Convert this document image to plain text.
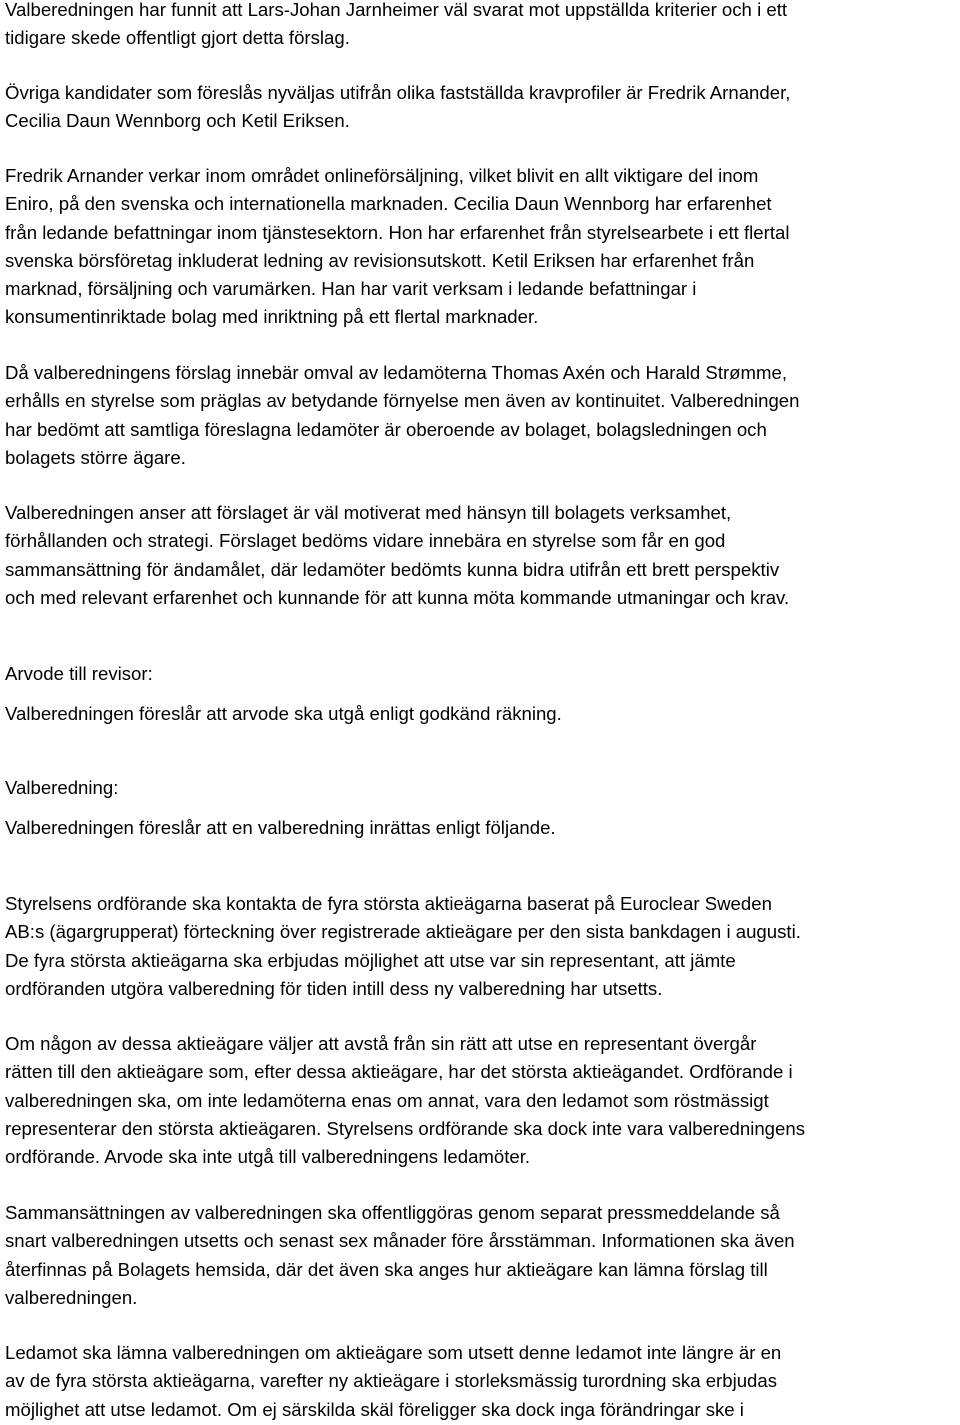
Valberedningen har funnit att Lars-Johan Jarnheimer väl svarat mot uppställda kriterier och i ett
tidigare skede offentligt gjort detta förslag.

Övriga kandidater som föreslås nyväljas utifrån olika fastställda kravprofiler är Fredrik Arnander,
Cecilia Daun Wennborg och Ketil Eriksen.

Fredrik Arnander verkar inom området onlineförsäljning, vilket blivit en allt viktigare del inom
Eniro, på den svenska och internationella marknaden. Cecilia Daun Wennborg har erfarenhet
från ledande befattningar inom tjänstesektorn. Hon har erfarenhet från styrelsearbete i ett flertal
svenska börsföretag inkluderat ledning av revisionsutskott. Ketil Eriksen har erfarenhet från
marknad, försäljning och varumärken. Han har varit verksam i ledande befattningar i
konsumentinriktade bolag med inriktning på ett flertal marknader.

Då valberedningens förslag innebär omval av ledamöterna Thomas Axén och Harald Strømme,
erhålls en styrelse som präglas av betydande förnyelse men även av kontinuitet. Valberedningen
har bedömt att samtliga föreslagna ledamöter är oberoende av bolaget, bolagsledningen och
bolagets större ägare.

Valberedningen anser att förslaget är väl motiverat med hänsyn till bolagets verksamhet,
förhållanden och strategi. Förslaget bedöms vidare innebära en styrelse som får en god
sammansättning för ändamålet, där ledamöter bedömts kunna bidra utifrån ett brett perspektiv
och med relevant erfarenhet och kunnande för att kunna möta kommande utmaningar och krav.

Arvode till revisor:

Valberedningen föreslår att arvode ska utgå enligt godkänd räkning.

Valberedning:

Valberedningen föreslår att en valberedning inrättas enligt följande.

Styrelsens ordförande ska kontakta de fyra största aktieägarna baserat på Euroclear Sweden
AB:s (ägargrupperat) förteckning över registrerade aktieägare per den sista bankdagen i augusti.
De fyra största aktieägarna ska erbjudas möjlighet att utse var sin representant, att jämte
ordföranden utgöra valberedning för tiden intill dess ny valberedning har utsetts.

Om någon av dessa aktieägare väljer att avstå från sin rätt att utse en representant övergår
rätten till den aktieägare som, efter dessa aktieägare, har det största aktieägandet. Ordförande i
valberedningen ska, om inte ledamöterna enas om annat, vara den ledamot som röstmässigt
representerar den största aktieägaren. Styrelsens ordförande ska dock inte vara valberedningens
ordförande. Arvode ska inte utgå till valberedningens ledamöter.

Sammansättningen av valberedningen ska offentliggöras genom separat pressmeddelande så
snart valberedningen utsetts och senast sex månader före årsstämman. Informationen ska även
återfinnas på Bolagets hemsida, där det även ska anges hur aktieägare kan lämna förslag till
valberedningen.

Ledamot ska lämna valberedningen om aktieägare som utsett denne ledamot inte längre är en
av de fyra största aktieägarna, varefter ny aktieägare i storleksmässig turordning ska erbjudas
möjlighet att utse ledamot. Om ej särskilda skäl föreligger ska dock inga förändringar ske i
